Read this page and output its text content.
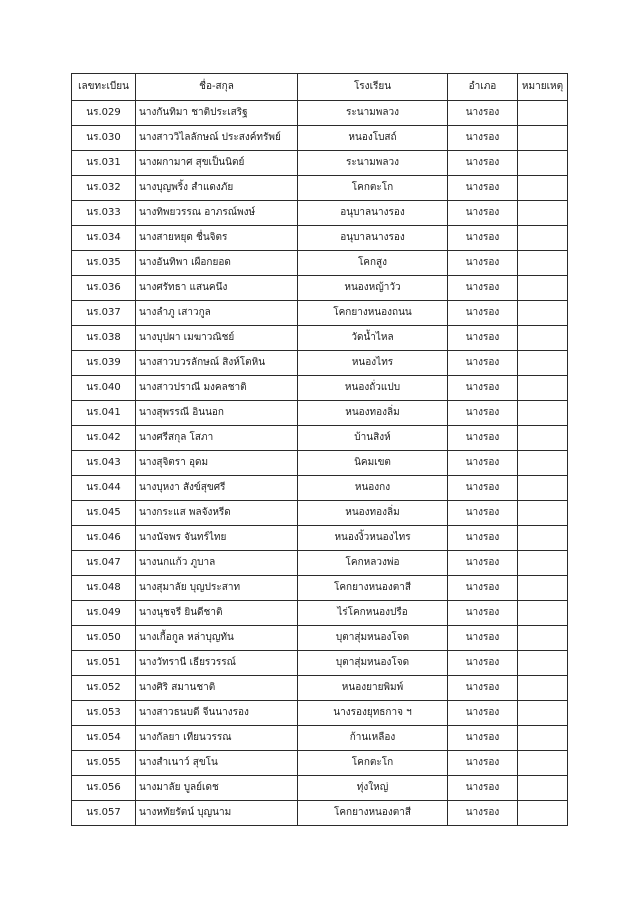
เลขทะเบียน	ชื่อ-สกุล	โรงเรียน	อำเภอ	หมายเหตุ
นร.029	นางกันทิมา ชาติประเสริฐ	ระนามพลวง	นางรอง	
นร.030	นางสาววิไลลักษณ์ ประสงค์ทรัพย์	หนองโบสถ์	นางรอง	
นร.031	นางผกามาศ สุขเป็นนิตย์	ระนามพลวง	นางรอง	
นร.032	นางบุญพริ้ง สำแดงภัย	โคกตะโก	นางรอง	
นร.033	นางทิพยวรรณ อาภรณ์พงษ์	อนุบาลนางรอง	นางรอง	
นร.034	นางสายหยุด ชื่นจิตร	อนุบาลนางรอง	นางรอง	
นร.035	นางอันทิพา เผือกยอด	โคกสูง	นางรอง	
นร.036	นางศรัทธา แสนคนึง	หนองหญ้าวัว	นางรอง	
นร.037	นางลำภู เสาวกูล	โคกยางหนองถนน	นางรอง	
นร.038	นางบุปผา เมฆาวณิชย์	วัดน้ำไหล	นางรอง	
นร.039	นางสาวบวรลักษณ์ สิงห์โตหิน	หนองไทร	นางรอง	
นร.040	นางสาวปราณี มงคลชาติ	หนองถั่วแปบ	นางรอง	
นร.041	นางสุพรรณี อินนอก	หนองทองลิ่ม	นางรอง	
นร.042	นางศรีสกุล โสภา	บ้านสิงห์	นางรอง	
นร.043	นางสุจิตรา อุดม	นิคมเขต	นางรอง	
นร.044	นางบุหงา สังข์สุขศรี	หนองกง	นางรอง	
นร.045	นางกระแส พลจังหรีด	หนองทองลิ่ม	นางรอง	
นร.046	นางนัจพร จันทร์ไทย	หนองงิ้วหนองไทร	นางรอง	
นร.047	นางนกแก้ว ภูบาล	โคกหลวงพ่อ	นางรอง	
นร.048	นางสุมาลัย บุญประสาท	โคกยางหนองตาสี	นางรอง	
นร.049	นางนุชจรี ยินดีชาติ	ไร่โคกหนองปรือ	นางรอง	
นร.050	นางเกื้อกูล หล่าบุญทัน	บุตาสุ่มหนองโจด	นางรอง	
นร.051	นางวัทรานี เธียรวรรณ์	บุตาสุ่มหนองโจด	นางรอง	
นร.052	นางศิริ สมานชาติ	หนองยายพิมพ์	นางรอง	
นร.053	นางสาวธนบดี จีนนางรอง	นางรองยุทธกาจ ฯ	นางรอง	
นร.054	นางกัลยา เทียนวรรณ	ก้านเหลือง	นางรอง	
นร.055	นางสำเนาว์ สุขโน	โคกตะโก	นางรอง	
นร.056	นางมาลัย บูลย์เดช	ทุ่งใหญ่	นางรอง	
นร.057	นางหทัยรัตน์ บุญนาม	โคกยางหนองตาสี	นางรอง	
